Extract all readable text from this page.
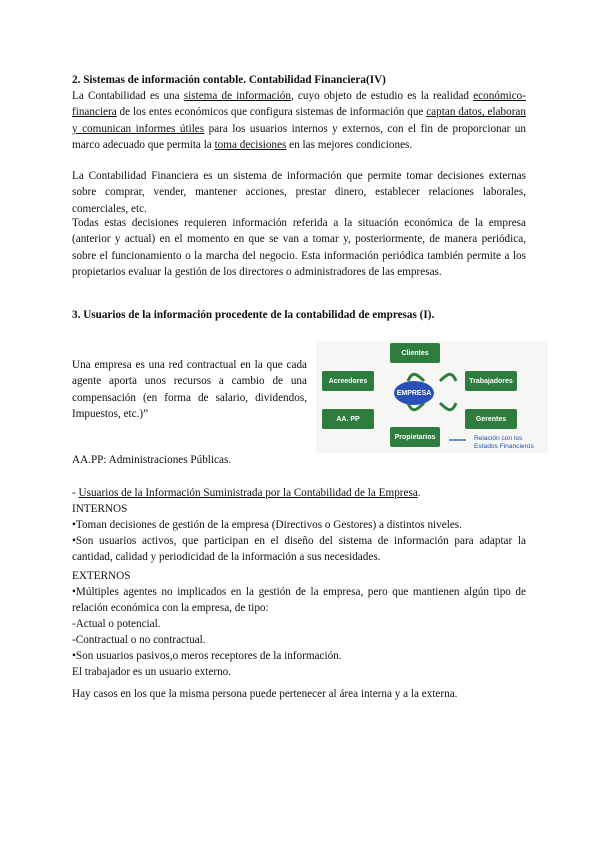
2. Sistemas de información contable. Contabilidad Financiera(IV)
La Contabilidad es una sistema de información, cuyo objeto de estudio es la realidad económico-financiera de los entes económicos que configura sistemas de información que captan datos, elaboran y comunican informes útiles para los usuarios internos y externos, con el fin de proporcionar un marco adecuado que permita la toma decisiones en las mejores condiciones.
La Contabilidad Financiera es un sistema de información que permite tomar decisiones externas sobre comprar, vender, mantener acciones, prestar dinero, establecer relaciones laborales, comerciales, etc.
Todas estas decisiones requieren información referida a la situación económica de la empresa (anterior y actual) en el momento en que se van a tomar y, posteriormente, de manera periódica, sobre el funcionamiento o la marcha del negocio. Esta información periódica también permite a los propietarios evaluar la gestión de los directores o administradores de las empresas.
3. Usuarios de la información procedente de la contabilidad de empresas (I).
Una empresa es una red contractual en la que cada agente aporta unos recursos a cambio de una compensación (en forma de salario, dividendos, Impuestos, etc.)”
Clientes
Acreedores	Trabajadores
AA. PP	Gerentes
Propietarios
EMPRESA
Relación con los
Estados Financieros
AA.PP: Administraciones Públicas.
- Usuarios de la Información Suministrada por la Contabilidad de la Empresa.
INTERNOS
•Toman decisiones de gestión de la empresa (Directivos o Gestores) a distintos niveles.
•Son usuarios activos, que participan en el diseño del sistema de información para adaptar la cantidad, calidad y periodicidad de la información a sus necesidades.
EXTERNOS
•Múltiples agentes no implicados en la gestión de la empresa, pero que mantienen algún tipo de relación económica con la empresa, de tipo:
-Actual o potencial.
-Contractual o no contractual.
•Son usuarios pasivos,o meros receptores de la información.
El trabajador es un usuario externo.
Hay casos en los que la misma persona puede pertenecer al área interna y a la externa.
